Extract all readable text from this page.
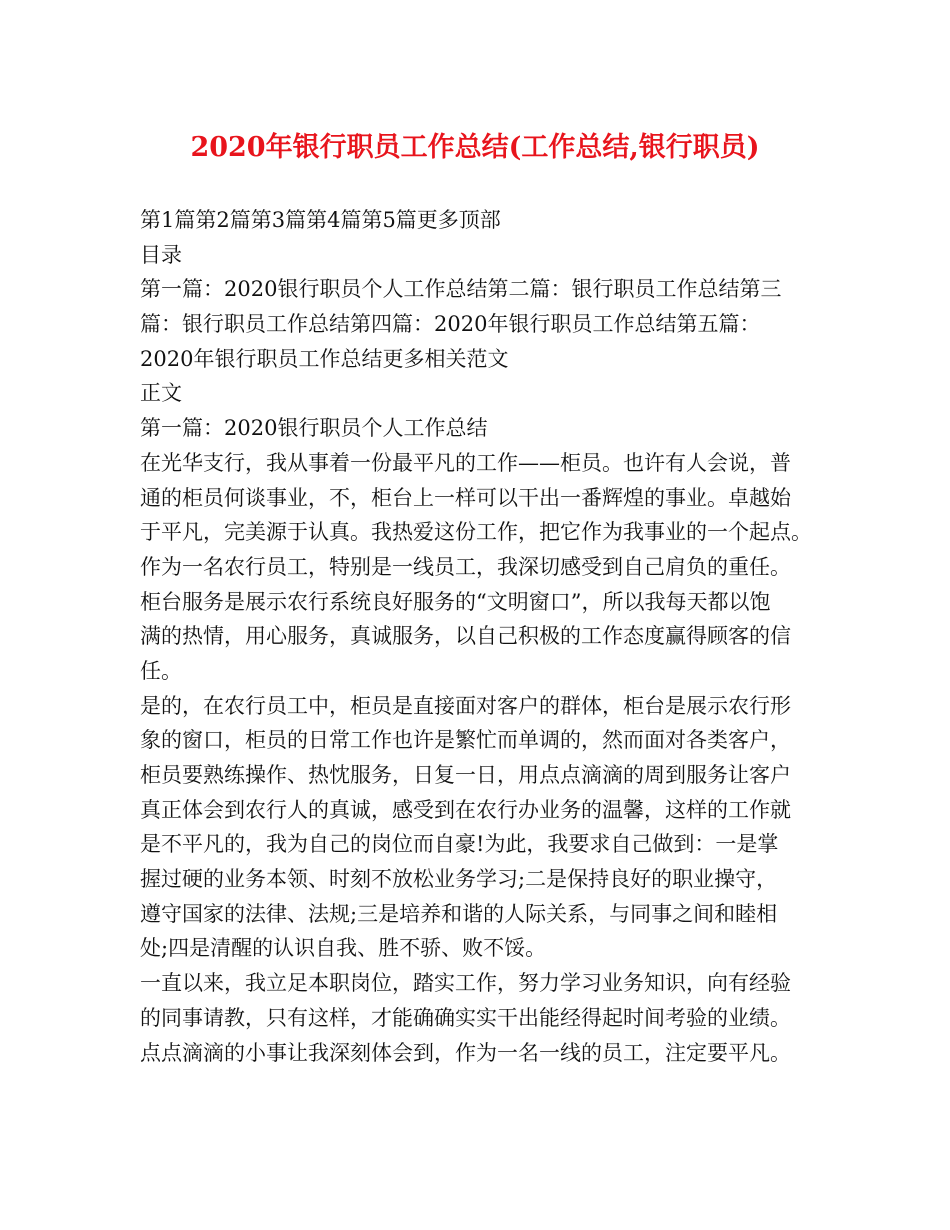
2020年银行职员工作总结(工作总结,银行职员)
第1篇第2篇第3篇第4篇第5篇更多顶部
目录
第一篇：2020银行职员个人工作总结第二篇：银行职员工作总结第三
篇：银行职员工作总结第四篇：2020年银行职员工作总结第五篇：
2020年银行职员工作总结更多相关范文
正文
第一篇：2020银行职员个人工作总结
在光华支行，我从事着一份最平凡的工作——柜员。也许有人会说，普
通的柜员何谈事业，不，柜台上一样可以干出一番辉煌的事业。卓越始
于平凡，完美源于认真。我热爱这份工作，把它作为我事业的一个起点。
作为一名农行员工，特别是一线员工，我深切感受到自己肩负的重任。
柜台服务是展示农行系统良好服务的“文明窗口”，所以我每天都以饱
满的热情，用心服务，真诚服务，以自己积极的工作态度赢得顾客的信
任。
是的，在农行员工中，柜员是直接面对客户的群体，柜台是展示农行形
象的窗口，柜员的日常工作也许是繁忙而单调的，然而面对各类客户，
柜员要熟练操作、热忱服务，日复一日，用点点滴滴的周到服务让客户
真正体会到农行人的真诚，感受到在农行办业务的温馨，这样的工作就
是不平凡的，我为自己的岗位而自豪!为此，我要求自己做到：一是掌
握过硬的业务本领、时刻不放松业务学习;二是保持良好的职业操守，
遵守国家的法律、法规;三是培养和谐的人际关系，与同事之间和睦相
处;四是清醒的认识自我、胜不骄、败不馁。
一直以来，我立足本职岗位，踏实工作，努力学习业务知识，向有经验
的同事请教，只有这样，才能确确实实干出能经得起时间考验的业绩。
点点滴滴的小事让我深刻体会到，作为一名一线的员工，注定要平凡。
